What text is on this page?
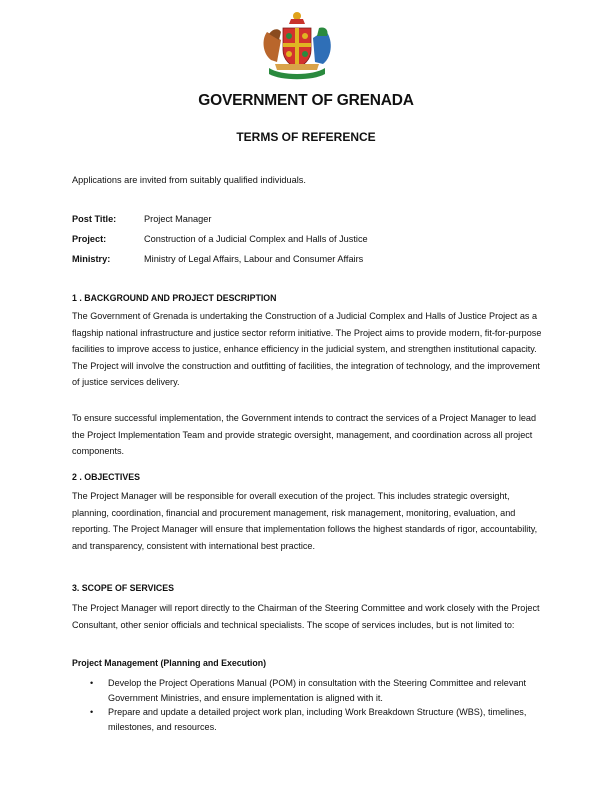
GOVERNMENT OF GRENADA
TERMS OF REFERENCE
Applications are invited from suitably qualified individuals.
Post Title:	Project Manager
Project:	Construction of a Judicial Complex and Halls of Justice
Ministry:	Ministry of Legal Affairs, Labour and Consumer Affairs
1 . BACKGROUND AND PROJECT DESCRIPTION
The Government of Grenada is undertaking the Construction of a Judicial Complex and Halls of Justice Project as a flagship national infrastructure and justice sector reform initiative. The Project aims to provide modern, fit-for-purpose facilities to improve access to justice, enhance efficiency in the judicial system, and strengthen institutional capacity. The Project will involve the construction and outfitting of facilities, the integration of technology, and the improvement of justice services delivery.
To ensure successful implementation, the Government intends to contract the services of a Project Manager to lead the Project Implementation Team and provide strategic oversight, management, and coordination across all project components.
2 . OBJECTIVES
The Project Manager will be responsible for overall execution of the project. This includes strategic oversight, planning, coordination, financial and procurement management, risk management, monitoring, evaluation, and reporting. The Project Manager will ensure that implementation follows the highest standards of rigor, accountability, and transparency, consistent with international best practice.
3. SCOPE OF SERVICES
The Project Manager will report directly to the Chairman of the Steering Committee and work closely with the Project Consultant, other senior officials and technical specialists. The scope of services includes, but is not limited to:
Project Management (Planning and Execution)
• Develop the Project Operations Manual (POM) in consultation with the Steering Committee and relevant Government Ministries, and ensure implementation is aligned with it.
• Prepare and update a detailed project work plan, including Work Breakdown Structure (WBS), timelines, milestones, and resources.
